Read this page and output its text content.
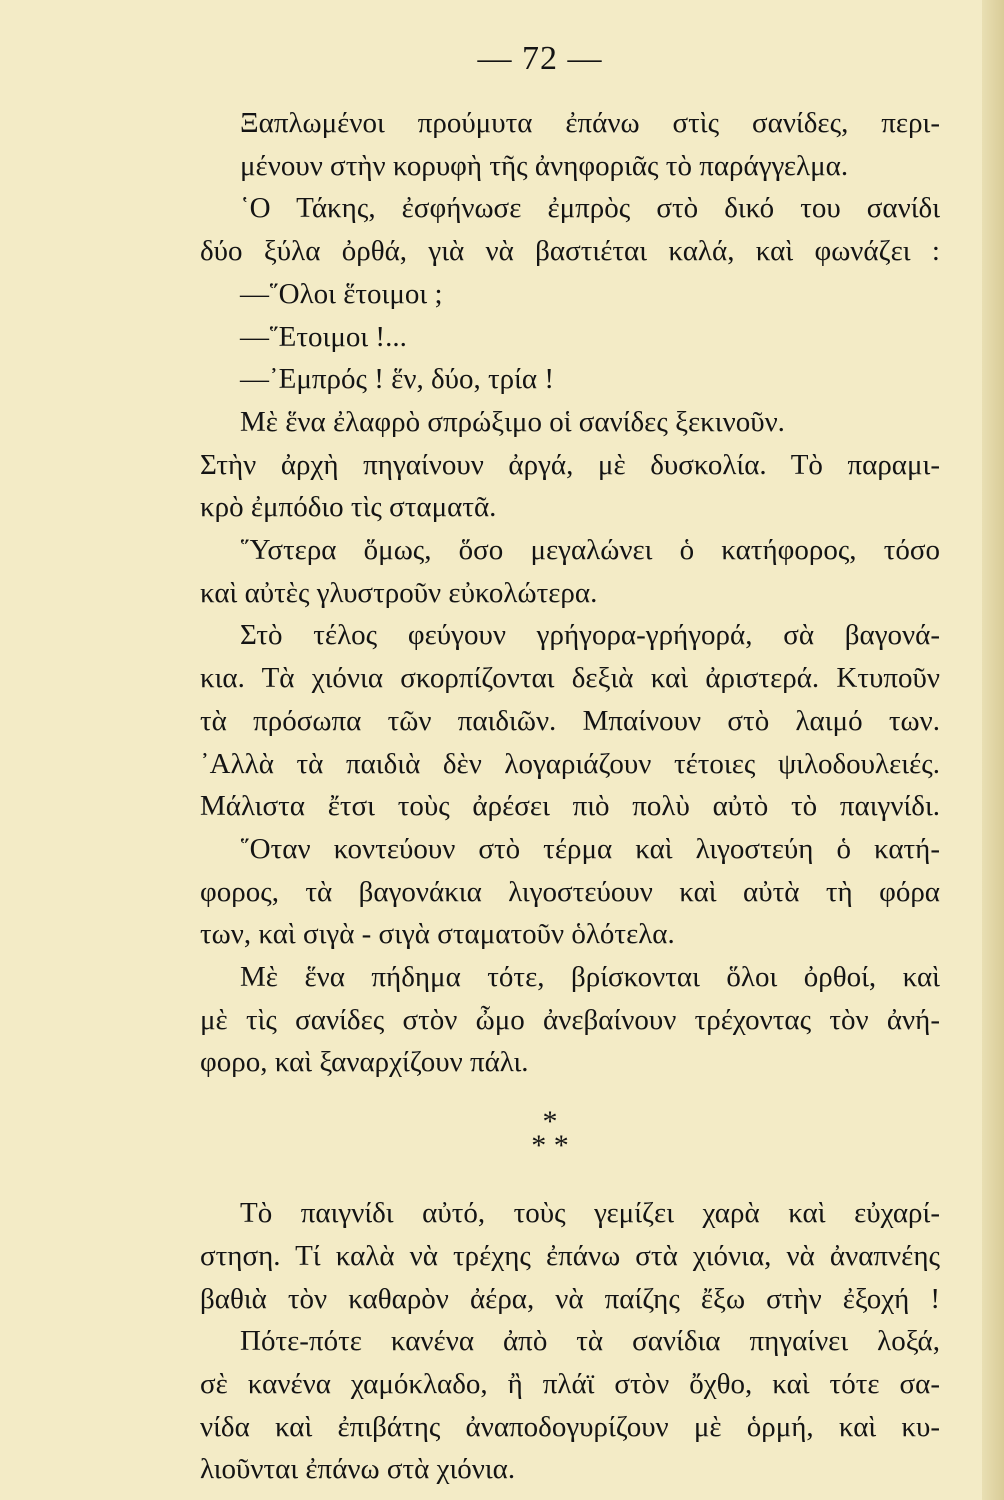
— 72 —
Ξαπλωμένοι προύμυτα ἐπάνω στὶς σανίδες, περι-
μένουν στὴν κορυφὴ τῆς ἀνηφοριᾶς τὸ παράγγελμα.
῾Ο Τάκης, ἐσφήνωσε ἐμπρὸς στὸ δικό του σανίδι
δύο ξύλα ὀρθά, γιὰ νὰ βαστιέται καλά, καὶ φωνάζει :
—῞Ολοι ἕτοιμοι ;
—῞Ετοιμοι !...
—᾿Εμπρός ! ἕν, δύο, τρία !
Μὲ ἕνα ἐλαφρὸ σπρώξιμο οἱ σανίδες ξεκινοῦν.
Στὴν ἀρχὴ πηγαίνουν ἀργά, μὲ δυσκολία. Τὸ παραμι-
κρὸ ἐμπόδιο τὶς σταματᾶ.
῞Υστερα ὅμως, ὅσο μεγαλώνει ὁ κατήφορος, τόσο
καὶ αὐτὲς γλυστροῦν εὐκολώτερα.
Στὸ τέλος φεύγουν γρήγορα-γρήγορά, σὰ βαγονά-
κια. Τὰ χιόνια σκορπίζονται δεξιὰ καὶ ἀριστερά. Κτυποῦν
τὰ πρόσωπα τῶν παιδιῶν. Μπαίνουν στὸ λαιμό των.
᾿Αλλὰ τὰ παιδιὰ δὲν λογαριάζουν τέτοιες ψιλοδουλειές.
Μάλιστα ἔτσι τοὺς ἀρέσει πιὸ πολὺ αὐτὸ τὸ παιγνίδι.
῞Οταν κοντεύουν στὸ τέρμα καὶ λιγοστεύη ὁ κατή-
φορος, τὰ βαγονάκια λιγοστεύουν καὶ αὐτὰ τὴ φόρα
των, καὶ σιγὰ - σιγὰ σταματοῦν ὁλότελα.
Μὲ ἕνα πήδημα τότε, βρίσκονται ὅλοι ὀρθοί, καὶ
μὲ τὶς σανίδες στὸν ὦμο ἀνεβαίνουν τρέχοντας τὸν ἀνή-
φορο, καὶ ξαναρχίζουν πάλι.
*
* *
Τὸ παιγνίδι αὐτό, τοὺς γεμίζει χαρὰ καὶ εὐχαρί-
στηση. Τί καλὰ νὰ τρέχης ἐπάνω στὰ χιόνια, νὰ ἀναπνέης
βαθιὰ τὸν καθαρὸν ἀέρα, νὰ παίζης ἔξω στὴν ἐξοχή !
Πότε-πότε κανένα ἀπὸ τὰ σανίδια πηγαίνει λοξά,
σὲ κανένα χαμόκλαδο, ἢ πλάϊ στὸν ὄχθο, καὶ τότε σα-
νίδα καὶ ἐπιβάτης ἀναποδογυρίζουν μὲ ὁρμή, καὶ κυ-
λιοῦνται ἐπάνω στὰ χιόνια.
